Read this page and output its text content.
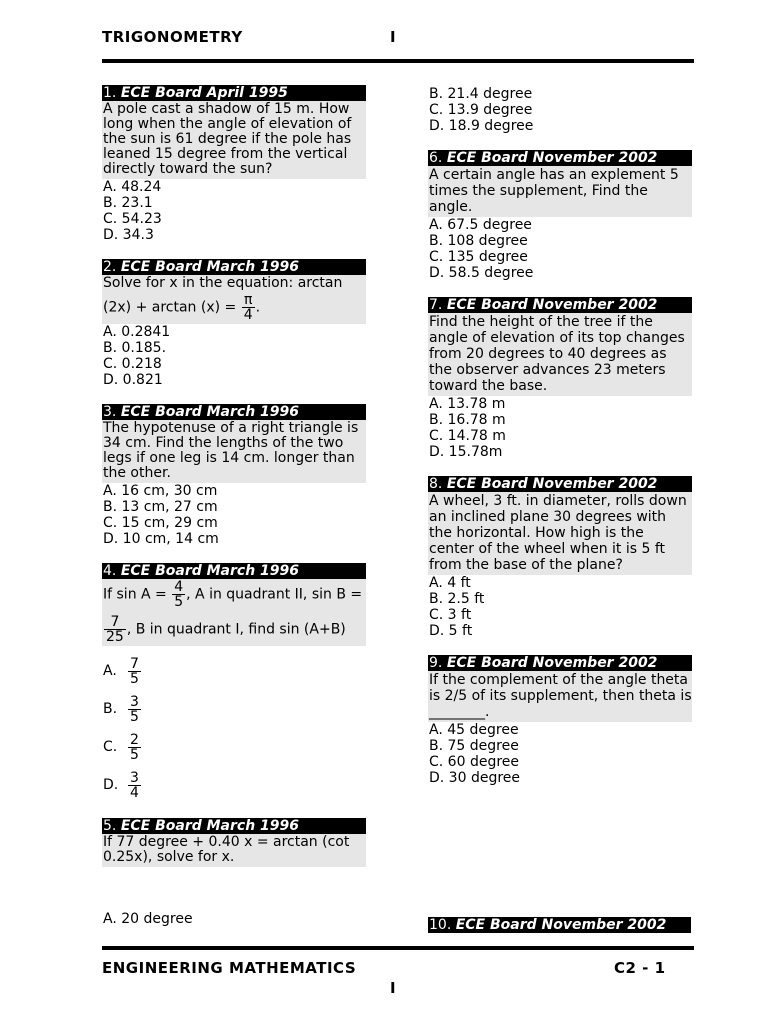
TRIGONOMETRY	I
1. ECE Board April 1995
A pole cast a shadow of 15 m. How long when the angle of elevation of the sun is 61 degree if the pole has leaned 15 degree from the vertical directly toward the sun?
A. 48.24
B. 23.1
C. 54.23
D. 34.3
2. ECE Board March 1996
Solve for x in the equation: arctan
$(2x) + \arctan (x) = \frac{\pi}{4}$ .
A. 0.2841
B. 0.185.
C. 0.218
D. 0.821
3. ECE Board March 1996
The hypotenuse of a right triangle is 34 cm. Find the lengths of the two legs if one leg is 14 cm. longer than the other.
A. 16 cm, 30 cm
B. 13 cm, 27 cm
C. 15 cm, 29 cm
D. 10 cm, 14 cm
4. ECE Board March 1996
If $\sin A = \frac{4}{5}$ , A in quadrant II, sin B =
$\frac{7}{25}$ , B in quadrant I, find sin (A+B)
A. $\frac{7}{5}$
B. $\frac{3}{5}$
C. $\frac{2}{5}$
D. $\frac{3}{4}$
5. ECE Board March 1996
If 77 degree + 0.40 x = arctan (cot 0.25x), solve for x.
A. 20 degree
B. 21.4 degree
C. 13.9 degree
D. 18.9 degree
6. ECE Board November 2002
A certain angle has an explement 5 times the supplement, Find the angle.
A. 67.5 degree
B. 108 degree
C. 135 degree
D. 58.5 degree
7. ECE Board November 2002
Find the height of the tree if the angle of elevation of its top changes from 20 degrees to 40 degrees as the observer advances 23 meters toward the base.
A. 13.78 m
B. 16.78 m
C. 14.78 m
D. 15.78m
8. ECE Board November 2002
A wheel, 3 ft. in diameter, rolls down an inclined plane 30 degrees with the horizontal. How high is the center of the wheel when it is 5 ft from the base of the plane?
A. 4 ft
B. 2.5 ft
C. 3 ft
D. 5 ft
9. ECE Board November 2002
If the complement of the angle theta is 2/5 of its supplement, then theta is ________.
A. 45 degree
B. 75 degree
C. 60 degree
D. 30 degree
10. ECE Board November 2002
ENGINEERING MATHEMATICS	C2 - 1
I
